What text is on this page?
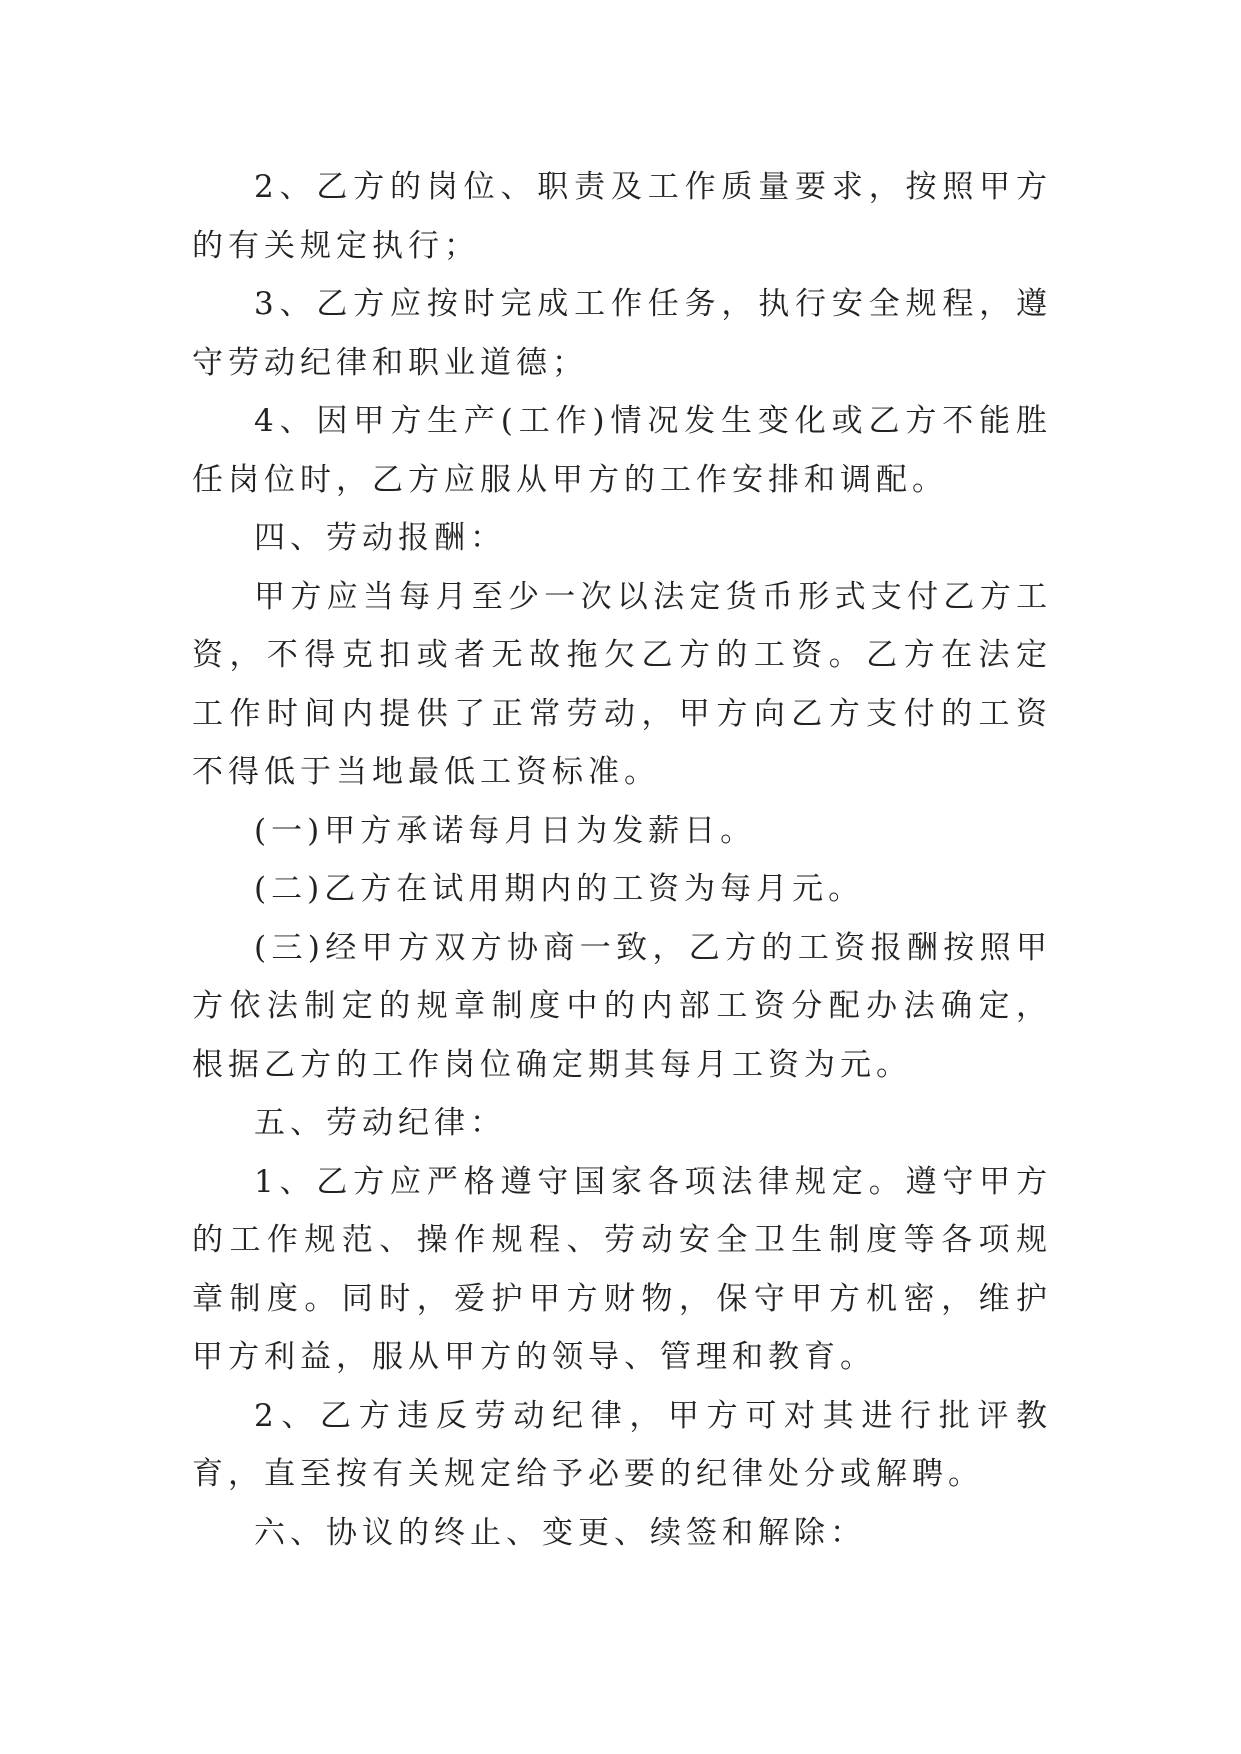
2、乙方的岗位、职责及工作质量要求，按照甲方的有关规定执行；

3、乙方应按时完成工作任务，执行安全规程，遵守劳动纪律和职业道德；

4、因甲方生产(工作)情况发生变化或乙方不能胜任岗位时，乙方应服从甲方的工作安排和调配。

四、劳动报酬：

甲方应当每月至少一次以法定货币形式支付乙方工资，不得克扣或者无故拖欠乙方的工资。乙方在法定工作时间内提供了正常劳动，甲方向乙方支付的工资不得低于当地最低工资标准。

(一)甲方承诺每月日为发薪日。

(二)乙方在试用期内的工资为每月元。

(三)经甲方双方协商一致，乙方的工资报酬按照甲方依法制定的规章制度中的内部工资分配办法确定，根据乙方的工作岗位确定期其每月工资为元。

五、劳动纪律：

1、乙方应严格遵守国家各项法律规定。遵守甲方的工作规范、操作规程、劳动安全卫生制度等各项规章制度。同时，爱护甲方财物，保守甲方机密，维护甲方利益，服从甲方的领导、管理和教育。

2、乙方违反劳动纪律，甲方可对其进行批评教育，直至按有关规定给予必要的纪律处分或解聘。

六、协议的终止、变更、续签和解除：
